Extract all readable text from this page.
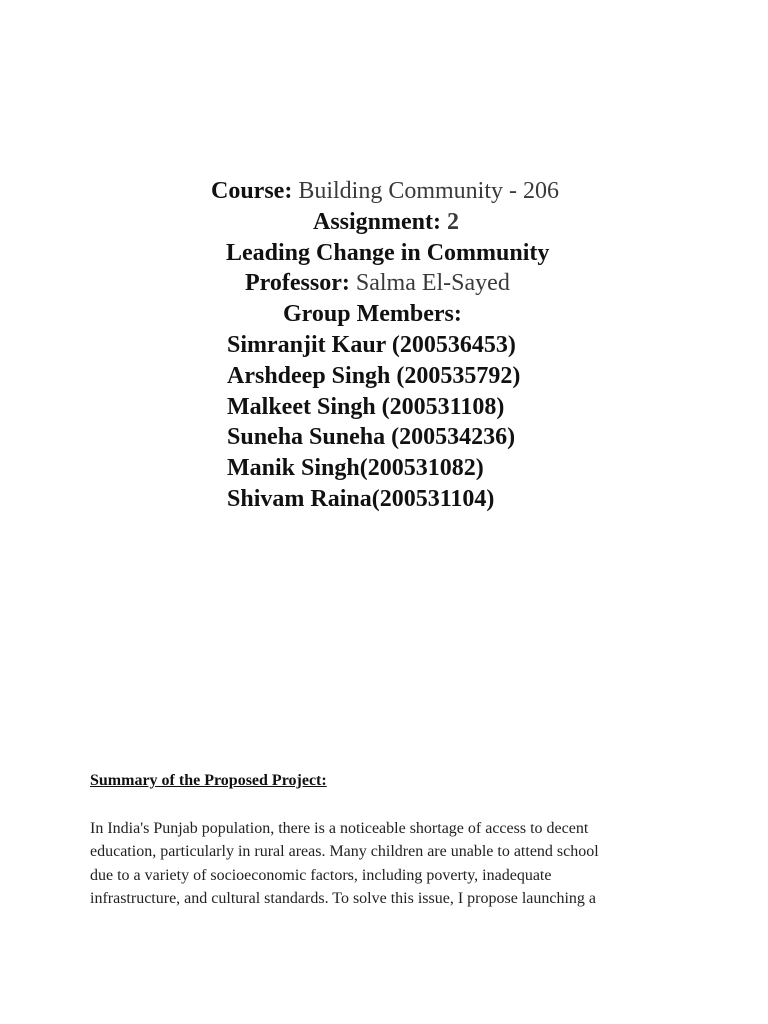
Course: Building Community - 206
Assignment: 2
Leading Change in Community
Professor: Salma El-Sayed
Group Members:
Simranjit Kaur (200536453)
Arshdeep Singh (200535792)
Malkeet Singh (200531108)
Suneha Suneha (200534236)
Manik Singh(200531082)
Shivam Raina(200531104)
Summary of the Proposed Project:
In India's Punjab population, there is a noticeable shortage of access to decent
education, particularly in rural areas. Many children are unable to attend school
due to a variety of socioeconomic factors, including poverty, inadequate
infrastructure, and cultural standards. To solve this issue, I propose launching a
